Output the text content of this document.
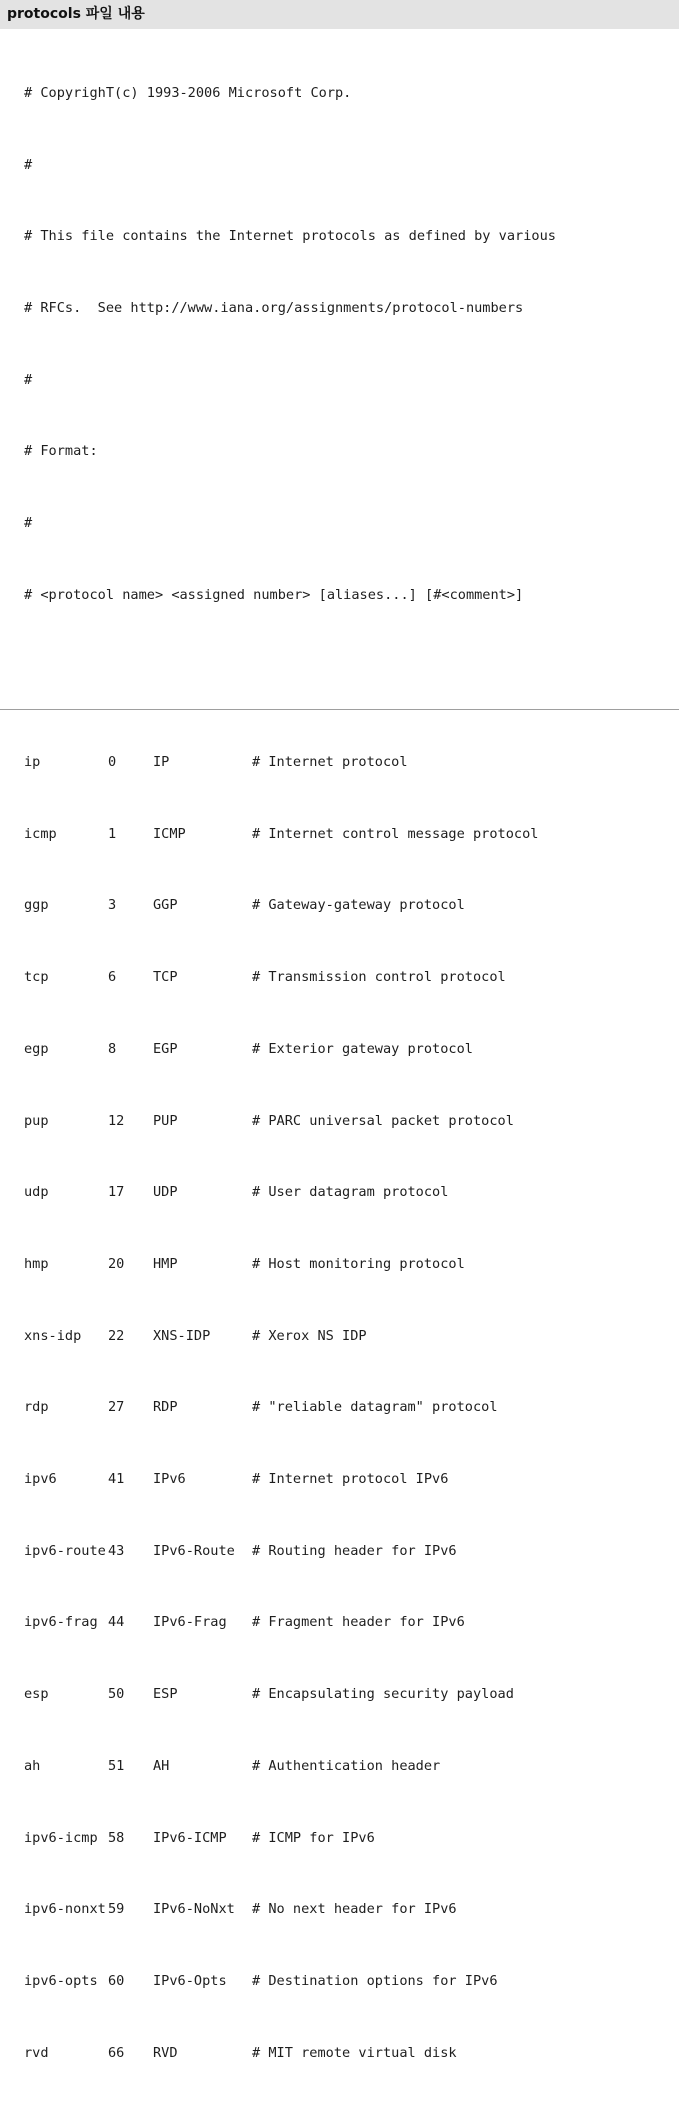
protocols 파일 내용

# CopyrighT(c) 1993-2006 Microsoft Corp.

#

# This file contains the Internet protocols as defined by various

# RFCs.  See http://www.iana.org/assignments/protocol-numbers

#

# Format:

#

# <protocol name> <assigned number> [aliases...] [#<comment>]

ip	0	IP	# Internet protocol

icmp	1	ICMP	# Internet control message protocol

ggp	3	GGP	# Gateway-gateway protocol

tcp	6	TCP	# Transmission control protocol

egp	8	EGP	# Exterior gateway protocol

pup	12	PUP	# PARC universal packet protocol

udp	17	UDP	# User datagram protocol

hmp	20	HMP	# Host monitoring protocol

xns-idp	22	XNS-IDP	# Xerox NS IDP

rdp	27	RDP	# "reliable datagram" protocol

ipv6	41	IPv6	# Internet protocol IPv6

ipv6-route 43	IPv6-Route	# Routing header for IPv6

ipv6-frag 44	IPv6-Frag	# Fragment header for IPv6

esp	50	ESP	# Encapsulating security payload

ah	51	AH	# Authentication header

ipv6-icmp 58	IPv6-ICMP	# ICMP for IPv6

ipv6-nonxt 59	IPv6-NoNxt	# No next header for IPv6

ipv6-opts 60	IPv6-Opts	# Destination options for IPv6

rvd	66	RVD	# MIT remote virtual disk
